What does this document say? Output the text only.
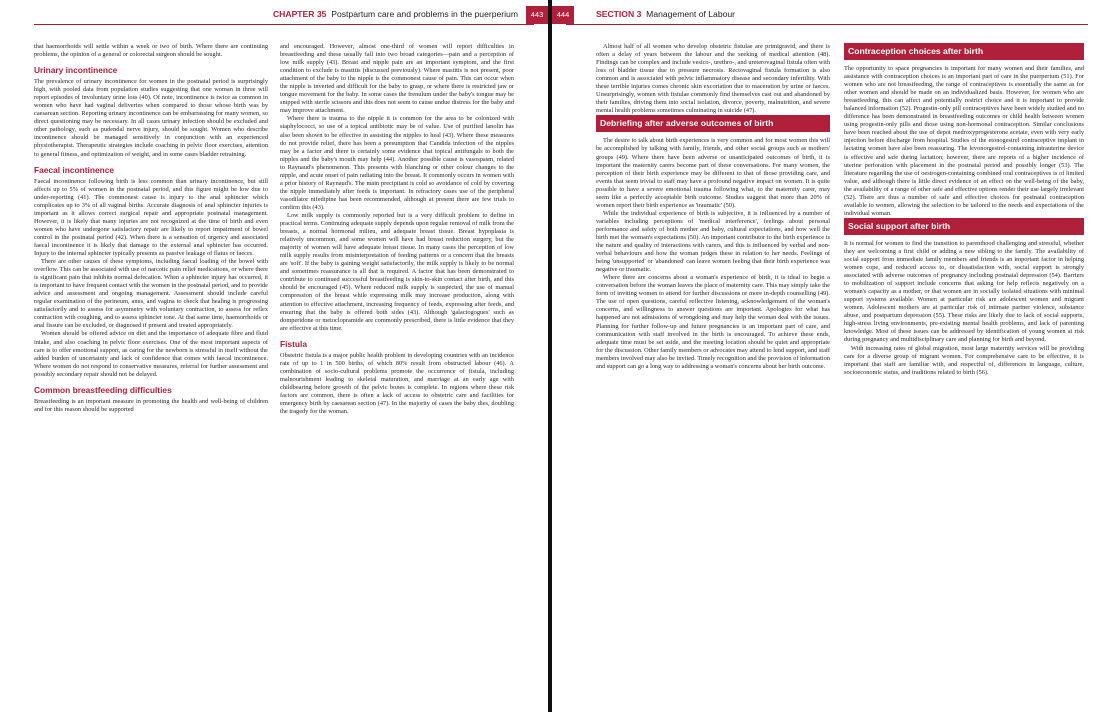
CHAPTER 35 Postpartum care and problems in the puerperium	443

that haemorrhoids will settle within a week or two of birth. Where there are continuing problems, the opinion of a general or colorectal surgeon should be sought.

Urinary incontinence

The prevalence of urinary incontinence for women in the postnatal period is surprisingly high, with pooled data from population studies suggesting that one woman in three will report episodes of involuntary urine loss (40). Of note, incontinence is twice as common in women who have had vaginal deliveries when compared to those whose birth was by caesarean section. Reporting urinary incontinence can be embarrassing for many women, so direct questioning may be necessary. In all cases urinary infection should be excluded and other pathology, such as pudendal nerve injury, should be sought. Women who describe incontinence should be managed sensitively in conjunction with an experienced physiotherapist. Therapeutic strategies include coaching in pelvic floor exercises, attention to general fitness, and optimization of weight, and in some cases bladder retraining.

Faecal incontinence

Faecal incontinence following birth is less common than urinary incontinence, but still affects up to 5% of women in the postnatal period, and this figure might be low due to under-reporting (41). The commonest cause is injury to the anal sphincter which complicates up to 3% of all vaginal births. Accurate diagnosis of anal sphincter injuries is important as it allows correct surgical repair and appropriate postnatal management. However, it is likely that many injuries are not recognized at the time of birth and even women who have undergone satisfactory repair are likely to report impairment of bowel control in the postnatal period (42). When there is a sensation of urgency and associated faecal incontinence it is likely that damage to the external anal sphincter has occurred. Injury to the internal sphincter typically presents as passive leakage of flatus or faeces.

There are other causes of these symptoms, including faecal loading of the bowel with overflow. This can be associated with use of narcotic pain relief medications, or where there is significant pain that inhibits normal defecation. When a sphincter injury has occurred, it is important to have frequent contact with the women in the postnatal period, and to provide advice and assessment and ongoing management. Assessment should include careful regular examination of the perineum, anus, and vagina to check that healing is progressing satisfactorily and to assess for asymmetry with voluntary contraction, to assess for reflex contraction with coughing, and to assess sphincter tone. At that same time, haemorrhoids or anal fissure can be excluded, or diagnosed if present and treated appropriately.

Women should be offered advice on diet and the importance of adequate fibre and fluid intake, and also coaching in pelvic floor exercises. One of the most important aspects of care is to offer emotional support, as caring for the newborn is stressful in itself without the added burden of uncertainty and lack of confidence that comes with faecal incontinence. Where women do not respond to conservative measures, referral for further assessment and possibly secondary repair should not be delayed.

Common breastfeeding difficulties

Breastfeeding is an important measure in promoting the health and well-being of children and for this reason should be supported

and encouraged. However, almost one-third of women will report difficulties in breastfeeding and these usually fall into two broad categories—pain and a perception of low milk supply (43). Breast and nipple pain are an important symptom, and the first condition to exclude is mastitis (discussed previously). Where mastitis is not present, poor attachment of the baby to the nipple is the commonest cause of pain. This can occur when the nipple is inverted and difficult for the baby to grasp, or where there is restricted jaw or tongue movement for the baby. In some cases the frenulum under the baby's tongue may be snipped with sterile scissors and this does not seem to cause undue distress for the baby and may improve attachment.

Where there is trauma to the nipple it is common for the area to be colonized with staphylococci, so use of a topical antibiotic may be of value. Use of purified lanolin has also been shown to be effective in assisting the nipples to heal (43). Where these measures do not provide relief, there has been a presumption that Candida infection of the nipples may be a factor and there is certainly some evidence that topical antifungals to both the nipples and the baby's mouth may help (44). Another possible cause is vasospasm, related to Raynaud's phenomenon. This presents with blanching or other colour changes to the nipple, and acute onset of pain radiating into the breast. It commonly occurs in women with a prior history of Raynaud's. The main precipitant is cold so avoidance of cold by covering the nipple immediately after feeds is important. In refractory cases use of the peripheral vasodilator nifedipine has been recommended, although at present there are few trials to confirm this (43).

Low milk supply is commonly reported but is a very difficult problem to define in practical terms. Continuing adequate supply depends upon regular removal of milk from the breasts, a normal hormonal milieu, and adequate breast tissue. Breast hypoplasia is relatively uncommon, and some women will have had breast reduction surgery, but the majority of women will have adequate breast tissue. In many cases the perception of low milk supply results from misinterpretation of feeding patterns or a concern that the breasts are 'soft'. If the baby is gaining weight satisfactorily, the milk supply is likely to be normal and sometimes reassurance is all that is required. A factor that has been demonstrated to contribute to continued successful breastfeeding is skin-to-skin contact after birth, and this should be encouraged (45). Where reduced milk supply is suspected, the use of manual compression of the breast while expressing milk may increase production, along with attention to effective attachment, increasing frequency of feeds, expressing after feeds, and ensuring that the baby is offered both sides (43). Although 'galactogogues' such as domperidone or metoclopramide are commonly prescribed, there is little evidence that they are effective at this time.

Fistula

Obstetric fistula is a major public health problem in developing countries with an incidence rate of up to 1 in 500 births, of which 80% result from obstructed labour (46). A combination of socio-cultural problems promote the occurrence of fistula, including malnourishment leading to skeletal maturation, and marriage at an early age with childbearing before growth of the pelvic bones is complete. In regions where these risk factors are common, there is often a lack of access to obstetric care and facilities for emergency birth by caesarean section (47). In the majority of cases the baby dies, doubling the tragedy for the woman.

444	SECTION 3 Management of Labour

Almost half of all women who develop obstetric fistulae are primigravid, and there is often a delay of years between the labour and the seeking of medical attention (48). Findings can be complex and include vesico-, urethro-, and ureterovaginal fistula often with loss of bladder tissue due to pressure necrosis. Rectovaginal fistula formation is also common and is associated with pelvic inflammatory disease and secondary infertility. With these terrible injuries comes chronic skin excoriation due to maceration by urine or faeces. Unsurprisingly, women with fistulae commonly find themselves cast out and abandoned by their families, driving them into social isolation, divorce, poverty, malnutrition, and severe mental health problems sometimes culminating in suicide (47).

Debriefing after adverse outcomes of birth

The desire to talk about birth experiences is very common and for most women this will be accomplished by talking with family, friends, and other social groups such as mothers' groups (49). Where there have been adverse or unanticipated outcomes of birth, it is important the maternity carers become part of these conversations. For many women, the perception of their birth experience may be different to that of those providing care, and events that seem trivial to staff may have a profound negative impact on women. It is quite possible to have a severe emotional trauma following what, to the maternity carer, may seem like a perfectly acceptable birth outcome. Studies suggest that more than 20% of women report their birth experience as 'traumatic' (50).

While the individual experience of birth is subjective, it is influenced by a number of variables including perceptions of 'medical interference', feelings about personal performance and safety of both mother and baby, cultural expectations, and how well the birth met the woman's expectations (50). An important contributor to the birth experience is the nature and quality of interactions with carers, and this is influenced by verbal and non-verbal behaviours and how the woman judges these in relation to her needs. Feelings of being 'unsupported' or 'abandoned' can leave women feeling that their birth experience was negative or traumatic.

Where there are concerns about a woman's experience of birth, it is ideal to begin a conversation before the woman leaves the place of maternity care. This may simply take the form of inviting women to attend for further discussions or more in-depth counselling (49). The use of open questions, careful reflective listening, acknowledgement of the woman's concerns, and willingness to answer questions are important. Apologies for what has happened are not admissions of wrongdoing and may help the woman deal with the issues. Planning for further follow-up and future pregnancies is an important part of care, and communication with staff involved in the birth is encouraged. To achieve these ends, adequate time must be set aside, and the meeting location should be quiet and appropriate for the discussion. Other family members or advocates may attend to lend support, and staff members involved may also be invited. Timely recognition and the provision of information and support can go a long way to addressing a woman's concerns about her birth outcome.

Contraception choices after birth

The opportunity to space pregnancies is important for many women and their families, and assistance with contraception choices is an important part of care in the puerperium (51). For women who are not breastfeeding, the range of contraceptives is essentially the same as for other women and should be made on an individualized basis. However, for women who are breastfeeding, this can affect and potentially restrict choice and it is important to provide balanced information (52). Progestin-only pill contraceptives have been widely studied and no difference has been demonstrated in breastfeeding outcomes or child health between women using progestin-only pills and those using non-hormonal contraception. Similar conclusions have been reached about the use of depot medroxyprogesterone acetate, even with very early injection before discharge from hospital. Studies of the etonogestrel contraceptive implant in lactating women have also been reassuring. The levonorgestrel-containing intrauterine device is effective and safe during lactation; however, there are reports of a higher incidence of uterine perforation with placement in the postnatal period and possibly longer (53). The literature regarding the use of oestrogen-containing combined oral contraceptives is of limited value, and although there is little direct evidence of an effect on the well-being of the baby, the availability of a range of other safe and effective options render their use largely irrelevant (52). There are thus a number of safe and effective choices for postnatal contraception available to women, allowing the selection to be tailored to the needs and expectations of the individual woman.

Social support after birth

It is normal for women to find the transition to parenthood challenging and stressful, whether they are welcoming a first child or adding a new sibling to the family. The availability of social support from immediate family members and friends is an important factor in helping women cope, and reduced access to, or dissatisfaction with, social support is strongly associated with adverse outcomes of pregnancy including postnatal depression (54). Barriers to mobilization of support include concerns that asking for help reflects negatively on a woman's capacity as a mother, or that women are in socially isolated situations with minimal support systems available. Women at particular risk are adolescent women and migrant women. Adolescent mothers are at particular risk of intimate partner violence, substance abuse, and postpartum depression (55). These risks are likely due to lack of social supports, high-stress living environments, pre-existing mental health problems, and lack of parenting knowledge. Most of these issues can be addressed by identification of young women at risk during pregnancy and multidisciplinary care and planning for birth and beyond.

With increasing rates of global migration, most large maternity services will be providing care for a diverse group of migrant women. For comprehensive care to be effective, it is important that staff are familiar with, and respectful of, differences in language, culture, socioeconomic status, and traditions related to birth (56).
